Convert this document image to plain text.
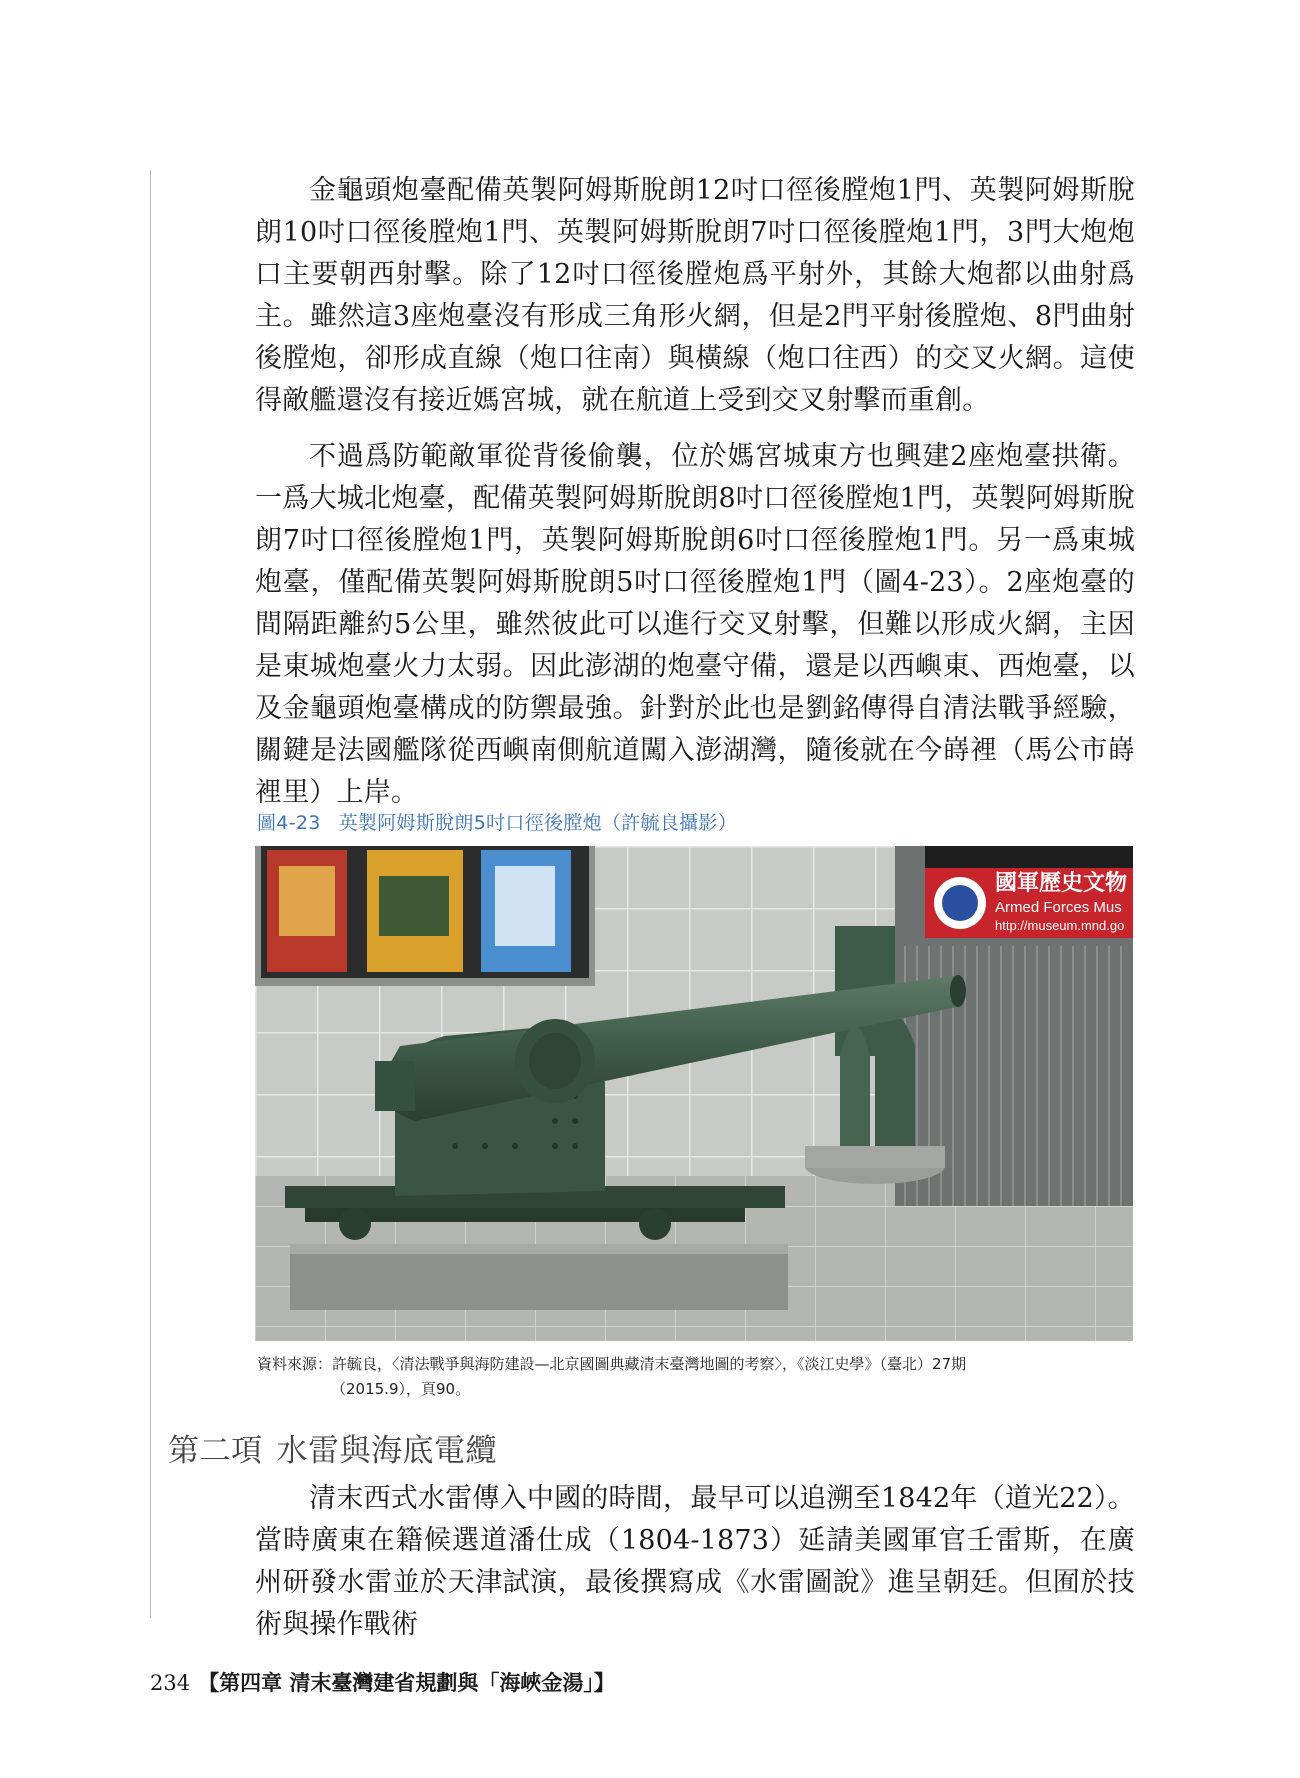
金龜頭炮臺配備英製阿姆斯脫朗12吋口徑後膛炮1門、英製阿姆斯脫朗10吋口徑後膛炮1門、英製阿姆斯脫朗7吋口徑後膛炮1門，3門大炮炮口主要朝西射擊。除了12吋口徑後膛炮爲平射外，其餘大炮都以曲射爲主。雖然這3座炮臺沒有形成三角形火網，但是2門平射後膛炮、8門曲射後膛炮，卻形成直線（炮口往南）與橫線（炮口往西）的交叉火網。這使得敵艦還沒有接近媽宮城，就在航道上受到交叉射擊而重創。

不過爲防範敵軍從背後偷襲，位於媽宮城東方也興建2座炮臺拱衛。一爲大城北炮臺，配備英製阿姆斯脫朗8吋口徑後膛炮1門，英製阿姆斯脫朗7吋口徑後膛炮1門，英製阿姆斯脫朗6吋口徑後膛炮1門。另一爲東城炮臺，僅配備英製阿姆斯脫朗5吋口徑後膛炮1門（圖4-23）。2座炮臺的間隔距離約5公里，雖然彼此可以進行交叉射擊，但難以形成火網，主因是東城炮臺火力太弱。因此澎湖的炮臺守備，還是以西嶼東、西炮臺，以及金龜頭炮臺構成的防禦最強。針對於此也是劉銘傳得自清法戰爭經驗，關鍵是法國艦隊從西嶼南側航道闖入澎湖灣，隨後就在今嵵裡（馬公市嵵裡里）上岸。

圖4-23 英製阿姆斯脫朗5吋口徑後膛炮（許毓良攝影）
國軍歷史文物
Armed Forces Mus
http://museum.mnd.go
資料來源：許毓良，〈清法戰爭與海防建設—北京國圖典藏清末臺灣地圖的考察〉，《淡江史學》（臺北）27期
（2015.9），頁90。
第二項 水雷與海底電纜

清末西式水雷傳入中國的時間，最早可以追溯至1842年（道光22）。當時廣東在籍候選道潘仕成（1804-1873）延請美國軍官壬雷斯，在廣州研發水雷並於天津試演，最後撰寫成《水雷圖說》進呈朝廷。但囿於技術與操作戰術

234 【第四章 清末臺灣建省規劃與「海峽金湯」】
